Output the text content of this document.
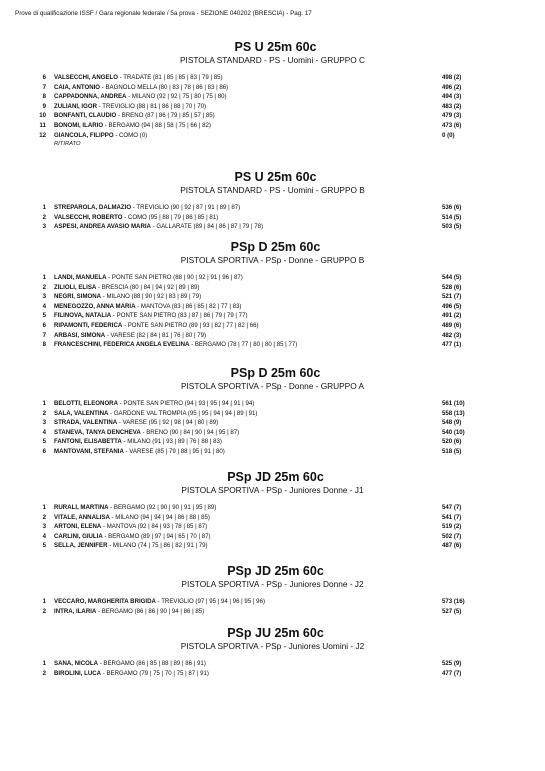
Prove di qualificazione ISSF / Gara regionale federale / 5a prova - SEZIONE 040202 (BRESCIA) - Pag. 17
PS U 25m 60c
PISTOLA STANDARD - PS - Uomini - GRUPPO C
6 VALSECCHI, ANGELO - TRADATE (81 | 85 | 85 | 83 | 79 | 85)	498 (2)
7 CAIA, ANTONIO - BAGNOLO MELLA (80 | 83 | 78 | 86 | 83 | 86)	496 (2)
8 CAPPADONNA, ANDREA - MILANO (92 | 92 | 75 | 80 | 75 | 80)	494 (3)
9 ZULIANI, IGOR - TREVIGLIO (88 | 81 | 86 | 88 | 70 | 70)	483 (2)
10 BONFANTI, CLAUDIO - BRENO (87 | 86 | 79 | 85 | 57 | 85)	479 (3)
11 BONOMI, ILARIO - BERGAMO (94 | 88 | 58 | 75 | 66 | 82)	473 (6)
12 GIANCOLA, FILIPPO - COMO (0)	0 (0)
RITIRATO
PS U 25m 60c
PISTOLA STANDARD - PS - Uomini - GRUPPO B
1 STREPAROLA, DALMAZIO - TREVIGLIO (90 | 92 | 87 | 91 | 89 | 87)	536 (6)
2 VALSECCHI, ROBERTO - COMO (95 | 88 | 79 | 86 | 85 | 81)	514 (5)
3 ASPESI, ANDREA AVASIO MARIA - GALLARATE (89 | 84 | 86 | 87 | 79 | 78)	503 (5)
PSp D 25m 60c
PISTOLA SPORTIVA - PSp - Donne - GRUPPO B
1 LANDI, MANUELA - PONTE SAN PIETRO (88 | 90 | 92 | 91 | 96 | 87)	544 (5)
2 ZILIOLI, ELISA - BRESCIA (80 | 84 | 94 | 92 | 89 | 89)	528 (6)
3 NEGRI, SIMONA - MILANO (88 | 90 | 92 | 83 | 89 | 79)	521 (7)
4 MENEGOZZO, ANNA MARIA - MANTOVA (83 | 86 | 85 | 82 | 77 | 83)	496 (5)
5 FILINOVA, NATALIA - PONTE SAN PIETRO (83 | 87 | 86 | 79 | 79 | 77)	491 (2)
6 RIPAMONTI, FEDERICA - PONTE SAN PIETRO (89 | 93 | 82 | 77 | 82 | 66)	489 (6)
7 ARBASI, SIMONA - VARESE (82 | 84 | 81 | 76 | 80 | 79)	482 (3)
8 FRANCESCHINI, FEDERICA ANGELA EVELINA - BERGAMO (78 | 77 | 80 | 80 | 85 | 77)	477 (1)
PSp D 25m 60c
PISTOLA SPORTIVA - PSp - Donne - GRUPPO A
1 BELOTTI, ELEONORA - PONTE SAN PIETRO (94 | 93 | 95 | 94 | 91 | 94)	561 (10)
2 SALA, VALENTINA - GARDONE VAL TROMPIA (95 | 95 | 94 | 94 | 89 | 91)	558 (13)
3 STRADA, VALENTINA - VARESE (95 | 92 | 98 | 94 | 80 | 89)	548 (9)
4 STANEVA, TANYA DENCHEVA - BRENO (90 | 84 | 90 | 94 | 95 | 87)	540 (10)
5 FANTONI, ELISABETTA - MILANO (91 | 93 | 89 | 76 | 88 | 83)	520 (6)
6 MANTOVANI, STEFANIA - VARESE (85 | 79 | 88 | 95 | 91 | 80)	518 (5)
PSp JD 25m 60c
PISTOLA SPORTIVA - PSp - Juniores Donne - J1
1 RURALI, MARTINA - BERGAMO (92 | 90 | 90 | 91 | 95 | 89)	547 (7)
2 VITALE, ANNALISA - MILANO (94 | 94 | 94 | 86 | 88 | 85)	541 (7)
3 ARTONI, ELENA - MANTOVA (92 | 84 | 93 | 78 | 85 | 87)	519 (2)
4 CARLINI, GIULIA - BERGAMO (89 | 97 | 94 | 65 | 70 | 87)	502 (7)
5 SELLA, JENNIFER - MILANO (74 | 75 | 86 | 82 | 91 | 79)	487 (6)
PSp JD 25m 60c
PISTOLA SPORTIVA - PSp - Juniores Donne - J2
1 VECCARO, MARGHERITA BRIGIDA - TREVIGLIO (97 | 95 | 94 | 96 | 95 | 96)	573 (16)
2 INTRA, ILARIA - BERGAMO (86 | 86 | 90 | 94 | 86 | 85)	527 (5)
PSp JU 25m 60c
PISTOLA SPORTIVA - PSp - Juniores Uomini - J2
1 SANA, NICOLA - BERGAMO (86 | 85 | 88 | 89 | 86 | 91)	525 (9)
2 BIROLINI, LUCA - BERGAMO (79 | 75 | 70 | 75 | 87 | 91)	477 (7)
